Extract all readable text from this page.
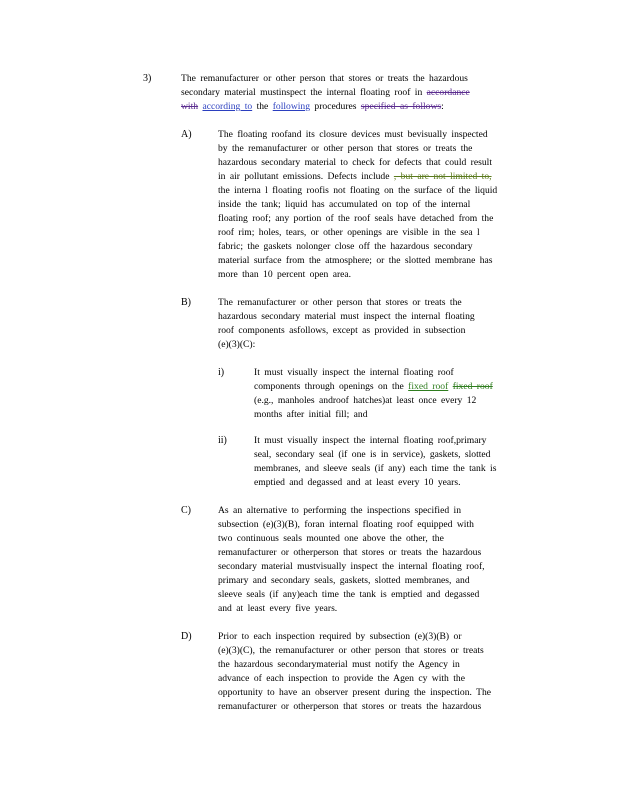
3)	The remanufacturer or other person that stores or treats the hazardous
secondary material mustinspect the internal floating roof in accordance
with according to the following procedures specified as follows:
A)	The floating roofand its closure devices must bevisually inspected
by the remanufacturer or other person that stores or treats the
hazardous secondary material to check for defects that could result
in air pollutant emissions. Defects include , but are not limited to,
the interna l floating roofis not floating on the surface of the liquid
inside the tank; liquid has accumulated on top of the internal
floating roof; any portion of the roof seals have detached from the
roof rim; holes, tears, or other openings are visible in the sea l
fabric; the gaskets nolonger close off the hazardous secondary
material surface from the atmosphere; or the slotted membrane has
more than 10 percent open area.
B)	The remanufacturer or other person that stores or treats the
hazardous secondary material must inspect the internal floating
roof components asfollows, except as provided in subsection
(e)(3)(C):
i)	It must visually inspect the internal floating roof
components through openings on the fixed roof fixed roof
(e.g., manholes androof hatches)at least once every 12
months after initial fill; and
ii)	It must visually inspect the internal floating roof,primary
seal, secondary seal (if one is in service), gaskets, slotted
membranes, and sleeve seals (if any) each time the tank is
emptied and degassed and at least every 10 years.
C)	As an alternative to performing the inspections specified in
subsection (e)(3)(B), foran internal floating roof equipped with
two continuous seals mounted one above the other, the
remanufacturer or otherperson that stores or treats the hazardous
secondary material mustvisually inspect the internal floating roof,
primary and secondary seals, gaskets, slotted membranes, and
sleeve seals (if any)each time the tank is emptied and degassed
and at least every five years.
D)	Prior to each inspection required by subsection (e)(3)(B) or
(e)(3)(C), the remanufacturer or other person that stores or treats
the hazardous secondarymaterial must notify the Agency in
advance of each inspection to provide the Agen cy with the
opportunity to have an observer present during the inspection. The
remanufacturer or otherperson that stores or treats the hazardous
